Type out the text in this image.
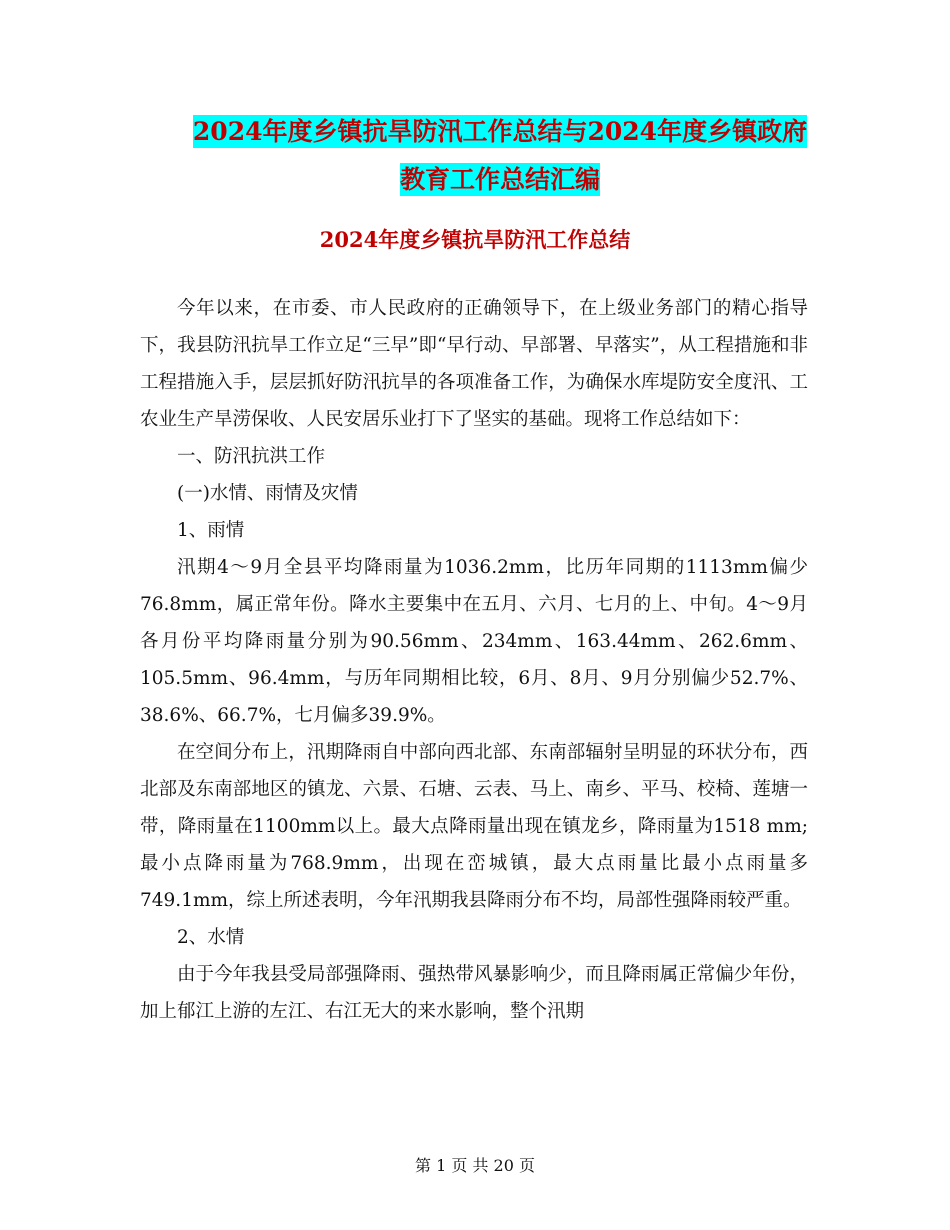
2024年度乡镇抗旱防汛工作总结与2024年度乡镇政府
教育工作总结汇编
2024年度乡镇抗旱防汛工作总结

今年以来，在市委、市人民政府的正确领导下，在上级业务部门的精心指导下，我县防汛抗旱工作立足“三早”即“早行动、早部署、早落实”，从工程措施和非工程措施入手，层层抓好防汛抗旱的各项准备工作，为确保水库堤防安全度汛、工农业生产旱涝保收、人民安居乐业打下了坚实的基础。现将工作总结如下：

一、防汛抗洪工作

(一)水情、雨情及灾情

1、雨情

汛期4～9月全县平均降雨量为1036.2mm，比历年同期的1113mm偏少76.8mm，属正常年份。降水主要集中在五月、六月、七月的上、中旬。4～9月各月份平均降雨量分别为90.56mm、234mm、163.44mm、262.6mm、105.5mm、96.4mm，与历年同期相比较，6月、8月、9月分别偏少52.7%、38.6%、66.7%，七月偏多39.9%。

在空间分布上，汛期降雨自中部向西北部、东南部辐射呈明显的环状分布，西北部及东南部地区的镇龙、六景、石塘、云表、马上、南乡、平马、校椅、莲塘一带，降雨量在1100mm以上。最大点降雨量出现在镇龙乡，降雨量为1518 mm;最小点降雨量为768.9mm，出现在峦城镇，最大点雨量比最小点雨量多749.1mm，综上所述表明，今年汛期我县降雨分布不均，局部性强降雨较严重。

2、水情

由于今年我县受局部强降雨、强热带风暴影响少，而且降雨属正常偏少年份，加上郁江上游的左江、右江无大的来水影响，整个汛期

第 1 页 共 20 页
